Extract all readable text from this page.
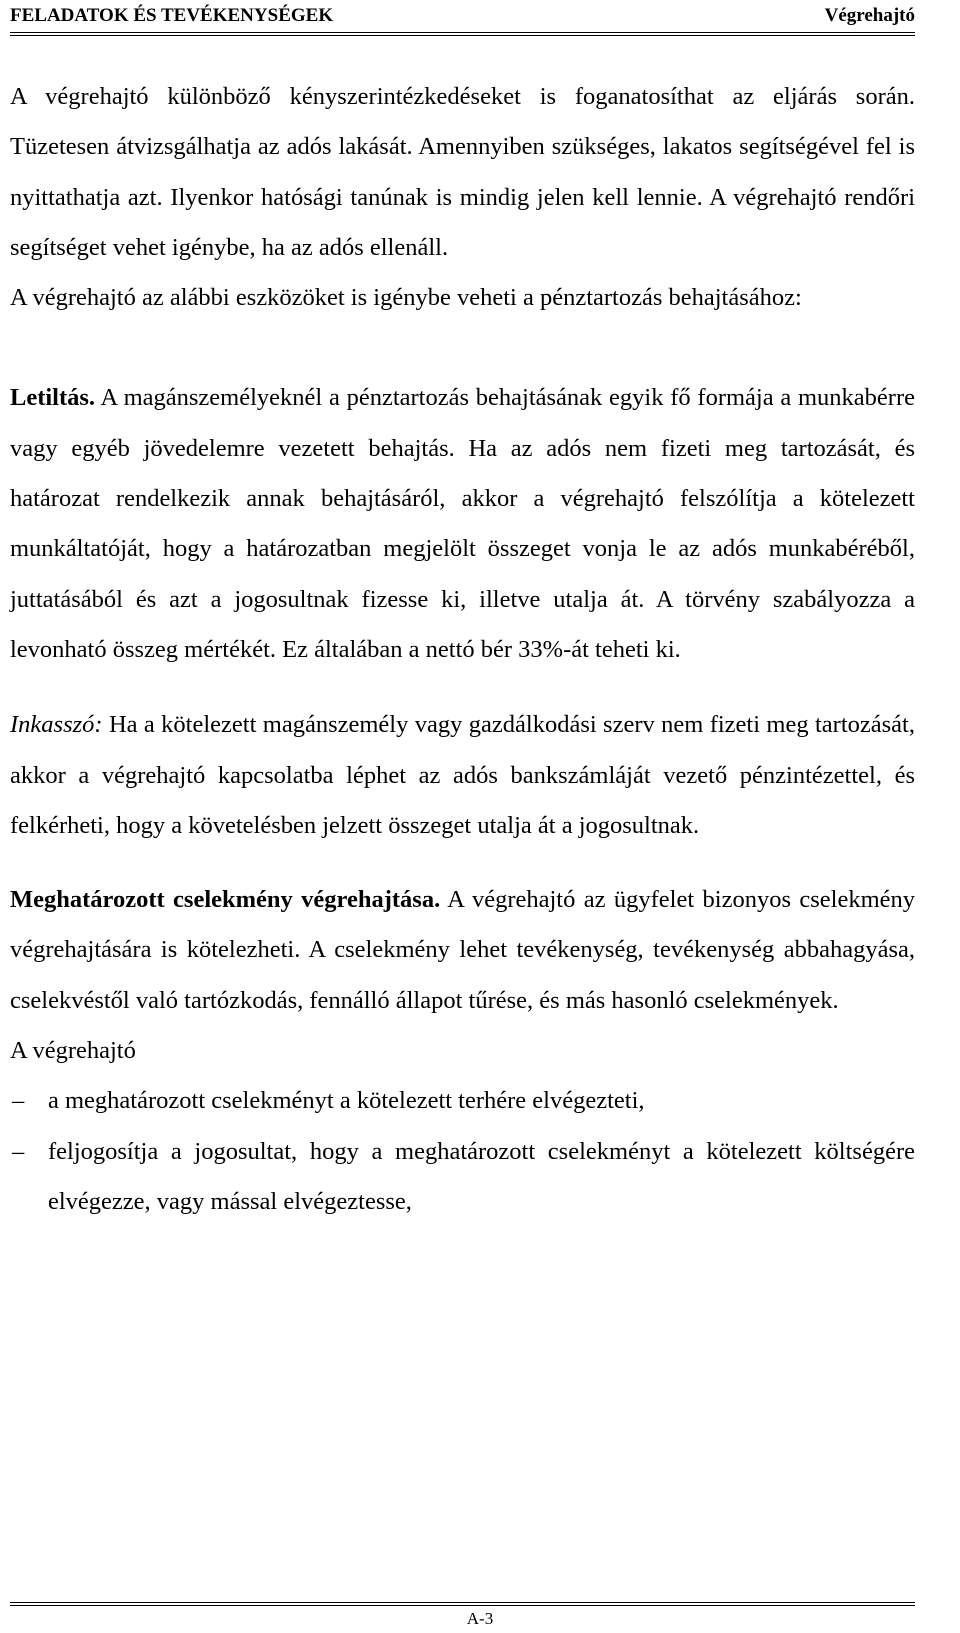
FELADATOK ÉS TEVÉKENYSÉGEK	Végrehajtó

A végrehajtó különböző kényszerintézkedéseket is foganatosíthat az eljárás során. Tüzetesen átvizsgálhatja az adós lakását. Amennyiben szükséges, lakatos segítségével fel is nyittathatja azt. Ilyenkor hatósági tanúnak is mindig jelen kell lennie. A végrehajtó rendőri segítséget vehet igénybe, ha az adós ellenáll.

A végrehajtó az alábbi eszközöket is igénybe veheti a pénztartozás behajtásához:

Letiltás. A magánszemélyeknél a pénztartozás behajtásának egyik fő formája a munkabérre vagy egyéb jövedelemre vezetett behajtás. Ha az adós nem fizeti meg tartozását, és határozat rendelkezik annak behajtásáról, akkor a végrehajtó felszólítja a kötelezett munkáltatóját, hogy a határozatban megjelölt összeget vonja le az adós munkabéréből, juttatásából és azt a jogosultnak fizesse ki, illetve utalja át. A törvény szabályozza a levonható összeg mértékét. Ez általában a nettó bér 33%-át teheti ki.

Inkasszó: Ha a kötelezett magánszemély vagy gazdálkodási szerv nem fizeti meg tartozását, akkor a végrehajtó kapcsolatba léphet az adós bankszámláját vezető pénzintézettel, és felkérheti, hogy a követelésben jelzett összeget utalja át a jogosultnak.

Meghatározott cselekmény végrehajtása. A végrehajtó az ügyfelet bizonyos cselekmény végrehajtására is kötelezheti. A cselekmény lehet tevékenység, tevékenység abbahagyása, cselekvéstől való tartózkodás, fennálló állapot tűrése, és más hasonló cselekmények.

A végrehajtó

– a meghatározott cselekményt a kötelezett terhére elvégezteti,
– feljogosítja a jogosultat, hogy a meghatározott cselekményt a kötelezett költségére elvégezze, vagy mással elvégeztesse,
A-3
